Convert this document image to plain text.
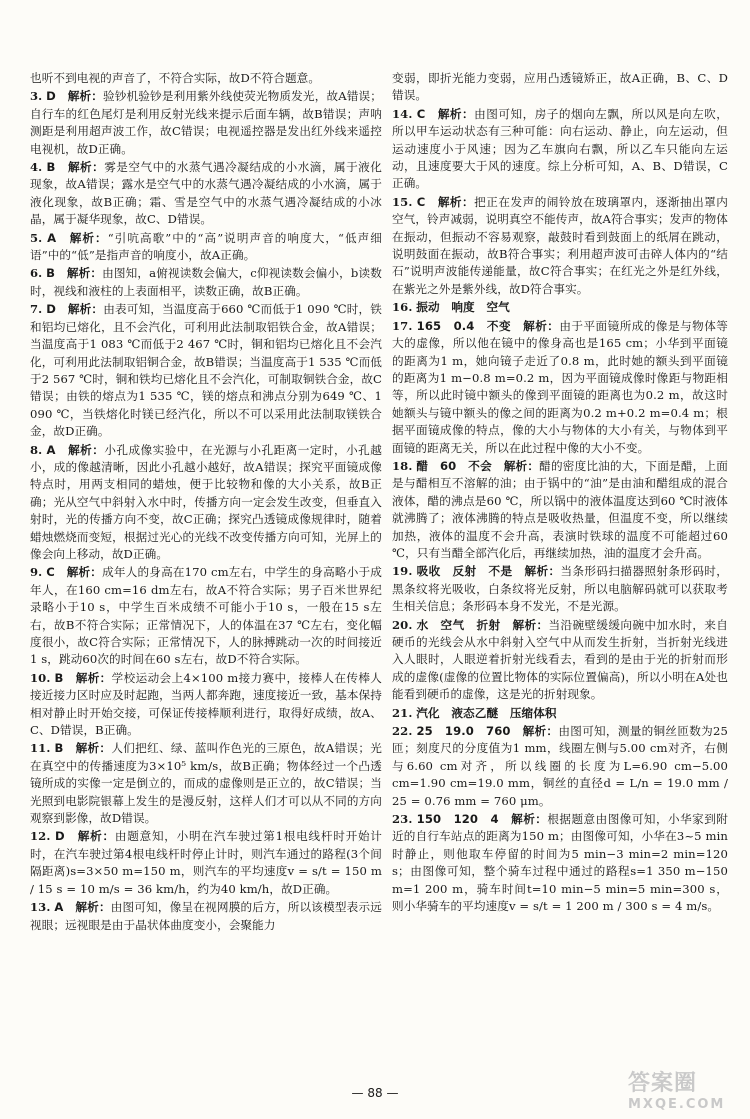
也听不到电视的声音了，不符合实际，故D不符合题意。
3. D　 解析：验钞机验钞是利用紫外线使荧光物质发光，故A错误；自行车的红色尾灯是利用反射光线来提示后面车辆，故B错误；声呐测距是利用超声波工作，故C错误；电视遥控器是发出红外线来遥控电视机，故D正确。
4. B　 解析：雾是空气中的水蒸气遇冷凝结成的小水滴，属于液化现象，故A错误；露水是空气中的水蒸气遇冷凝结成的小水滴，属于液化现象，故B正确；霜、雪是空气中的水蒸气遇冷凝结成的小冰晶，属于凝华现象，故C、D错误。
5. A　 解析：“引吭高歌”中的“高”说明声音的响度大，“低声细语”中的“低”是指声音的响度小，故A正确。
6. B　 解析：由图知，a俯视读数会偏大，c仰视读数会偏小，b读数时，视线和液柱的上表面相平，读数正确，故B正确。
7. D　 解析：由表可知，当温度高于660 ℃而低于1 090 ℃时，铁和铝均已熔化，且不会汽化，可利用此法制取铝铁合金，故A错误；当温度高于1 083 ℃而低于2 467 ℃时，铜和铝均已熔化且不会汽化，可利用此法制取铝铜合金，故B错误；当温度高于1 535 ℃而低于2 567 ℃时，铜和铁均已熔化且不会汽化，可制取铜铁合金，故C错误；由铁的熔点为1 535 ℃，镁的熔点和沸点分别为649 ℃、1 090 ℃，当铁熔化时镁已经汽化，所以不可以采用此法制取镁铁合金，故D正确。
8. A　 解析：小孔成像实验中，在光源与小孔距离一定时，小孔越小，成的像越清晰，因此小孔越小越好，故A错误；探究平面镜成像特点时，用两支相同的蜡烛，便于比较物和像的大小关系，故B正确；光从空气中斜射入水中时，传播方向一定会发生改变，但垂直入射时，光的传播方向不变，故C正确；探究凸透镜成像规律时，随着蜡烛燃烧而变短，根据过光心的光线不改变传播方向可知，光屏上的像会向上移动，故D正确。
9. C　 解析：成年人的身高在170 cm左右，中学生的身高略小于成年人，在160 cm=16 dm左右，故A不符合实际；男子百米世界纪录略小于10 s，中学生百米成绩不可能小于10 s，一般在15 s左右，故B不符合实际；正常情况下，人的体温在37 ℃左右，变化幅度很小，故C符合实际；正常情况下，人的脉搏跳动一次的时间接近1 s，跳动60次的时间在60 s左右，故D不符合实际。
10. B　 解析：学校运动会上4×100 m接力赛中，接棒人在传棒人接近接力区时应及时起跑，当两人都奔跑，速度接近一致，基本保持相对静止时开始交接，可保证传接棒顺利进行，取得好成绩，故A、C、D错误，B正确。
11. B　 解析：人们把红、绿、蓝叫作色光的三原色，故A错误；光在真空中的传播速度为3×10⁵ km/s，故B正确；物体经过一个凸透镜所成的实像一定是倒立的，而成的虚像则是正立的，故C错误；当光照到电影院银幕上发生的是漫反射，这样人们才可以从不同的方向观察到影像，故D错误。
12. D　 解析：由题意知，小明在汽车驶过第1根电线杆时开始计时，在汽车驶过第4根电线杆时停止计时，则汽车通过的路程(3个间隔距离)s=3×50 m=150 m，则汽车的平均速度v = s/t = 150 m / 15 s = 10 m/s = 36 km/h，约为40 km/h，故D正确。
13. A　 解析：由图可知，像呈在视网膜的后方，所以该模型表示远视眼；远视眼是由于晶状体曲度变小，会聚能力
变弱，即折光能力变弱，应用凸透镜矫正，故A正确，B、C、D错误。
14. C　 解析：由图可知，房子的烟向左飘，所以风是向左吹，所以甲车运动状态有三种可能：向右运动、静止，向左运动，但运动速度小于风速；因为乙车旗向右飘，所以乙车只能向左运动，且速度要大于风的速度。综上分析可知，A、B、D错误，C正确。
15. C　 解析：把正在发声的闹铃放在玻璃罩内，逐渐抽出罩内空气，铃声减弱，说明真空不能传声，故A符合事实；发声的物体在振动，但振动不容易观察，敲鼓时看到鼓面上的纸屑在跳动，说明鼓面在振动，故B符合事实；利用超声波可击碎人体内的“结石”说明声波能传递能量，故C符合事实；在红光之外是红外线，在紫光之外是紫外线，故D符合事实。
16. 振动　响度　空气　
17. 165　0.4　不变　 解析：由于平面镜所成的像是与物体等大的虚像，所以他在镜中的像身高也是165 cm；小华到平面镜的距离为1 m，她向镜子走近了0.8 m，此时她的额头到平面镜的距离为1 m−0.8 m=0.2 m，因为平面镜成像时像距与物距相等，所以此时镜中额头的像到平面镜的距离也为0.2 m，故这时她额头与镜中额头的像之间的距离为0.2 m+0.2 m=0.4 m；根据平面镜成像的特点，像的大小与物体的大小有关，与物体到平面镜的距离无关，所以在此过程中像的大小不变。
18. 醋　60　不会　 解析：醋的密度比油的大，下面是醋，上面是与醋相互不溶解的油；由于锅中的“油”是由油和醋组成的混合液体，醋的沸点是60 ℃，所以锅中的液体温度达到60 ℃时液体就沸腾了；液体沸腾的特点是吸收热量，但温度不变，所以继续加热，液体的温度不会升高，表演时铁球的温度不可能超过60 ℃，只有当醋全部汽化后，再继续加热，油的温度才会升高。
19. 吸收　反射　不是　 解析：当条形码扫描器照射条形码时，黑条纹将光吸收，白条纹将光反射，所以电脑解码就可以获取考生相关信息；条形码本身不发光，不是光源。
20. 水　空气　折射　 解析：当沿碗壁缓缓向碗中加水时，来自硬币的光线会从水中斜射入空气中从而发生折射，当折射光线进入人眼时，人眼逆着折射光线看去，看到的是由于光的折射而形成的虚像(虚像的位置比物体的实际位置偏高)，所以小明在A处也能看到硬币的虚像，这是光的折射现象。
21. 汽化　液态乙醚　压缩体积　
22. 25　19.0　760　 解析：由图可知，测量的铜丝匝数为25匝；刻度尺的分度值为1 mm，线圈左侧与5.00 cm对齐，右侧与6.60 cm对齐，所以线圈的长度为L=6.90 cm−5.00 cm=1.90 cm=19.0 mm，铜丝的直径d = L/n = 19.0 mm / 25 = 0.76 mm = 760 μm。
23. 150　120　4　 解析：根据题意由图像可知，小华家到附近的自行车站点的距离为150 m；由图像可知，小华在3~5 min时静止，则他取车停留的时间为5 min−3 min=2 min=120 s；由图像可知，整个骑车过程中通过的路程s=1 350 m−150 m=1 200 m，骑车时间t=10 min−5 min=5 min=300 s，则小华骑车的平均速度v = s/t = 1 200 m / 300 s = 4 m/s。
— 88 —	答案圈
MXQE.COM
